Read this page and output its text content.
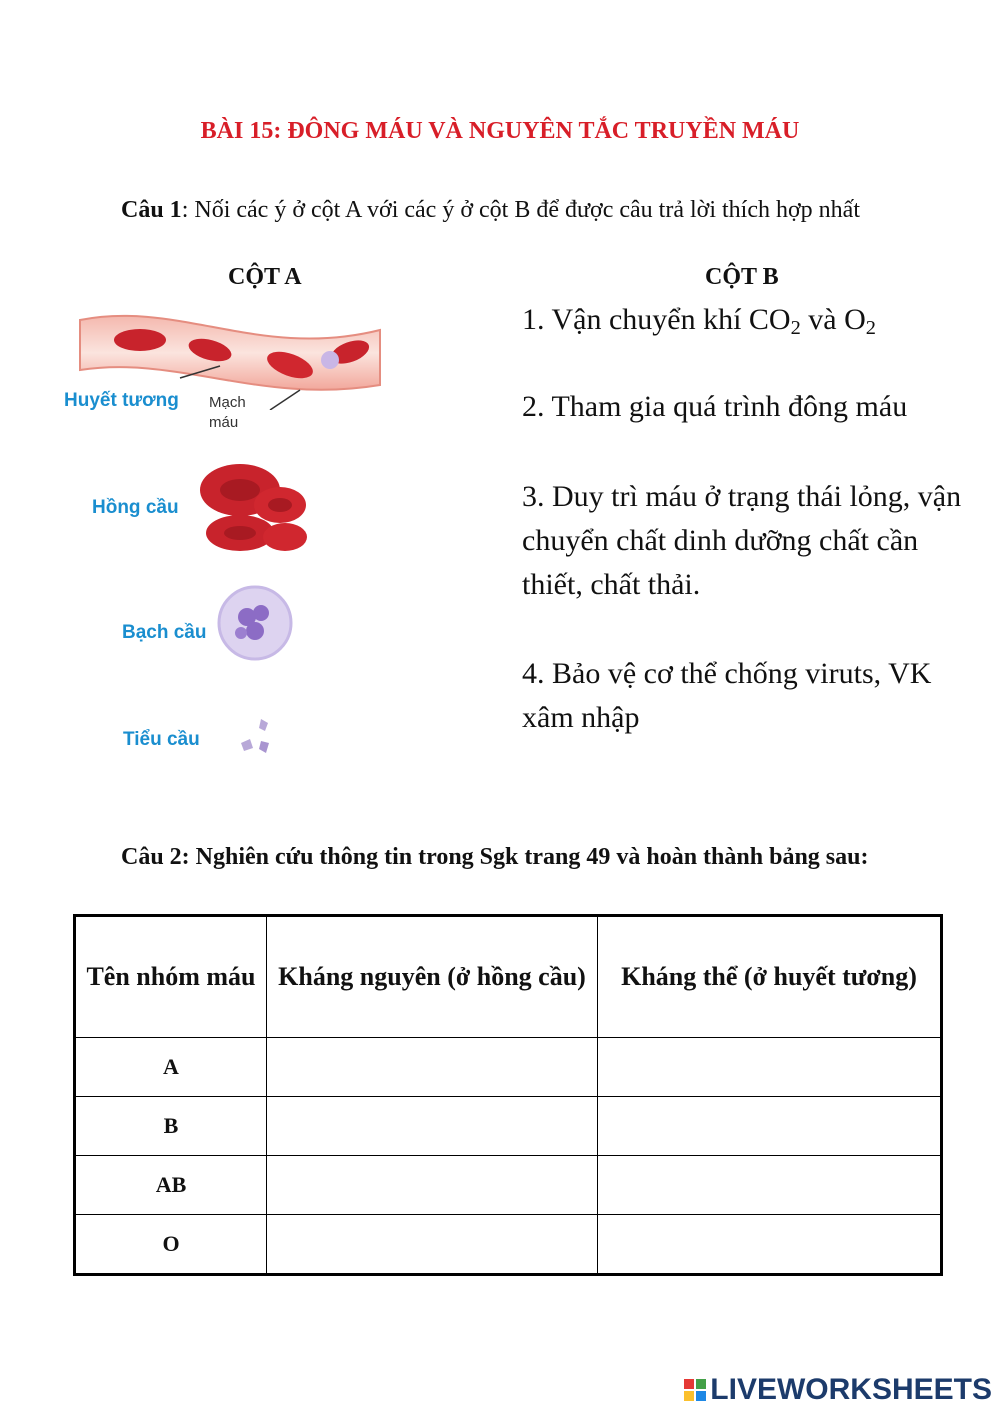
BÀI 15: ĐÔNG MÁU VÀ NGUYÊN TẮC TRUYỀN MÁU
Câu 1: Nối các ý ở cột A với các ý ở cột B để được câu trả lời thích hợp nhất
CỘT A	CỘT B
Huyết tương Mạch máu
Hồng cầu
Bạch cầu
Tiểu cầu
1. Vận chuyển khí $CO_2$ và $O_2$
2. Tham gia quá trình đông máu
3. Duy trì máu ở trạng thái lỏng, vận chuyển chất dinh dưỡng chất cần thiết, chất thải.
4. Bảo vệ cơ thể chống viruts, VK xâm nhập
Câu 2: Nghiên cứu thông tin trong Sgk trang 49 và hoàn thành bảng sau:
Tên nhóm máu	Kháng nguyên (ở hồng cầu)	Kháng thể (ở huyết tương)
A		
B		
AB		
O		
LIVEWORKSHEETS
